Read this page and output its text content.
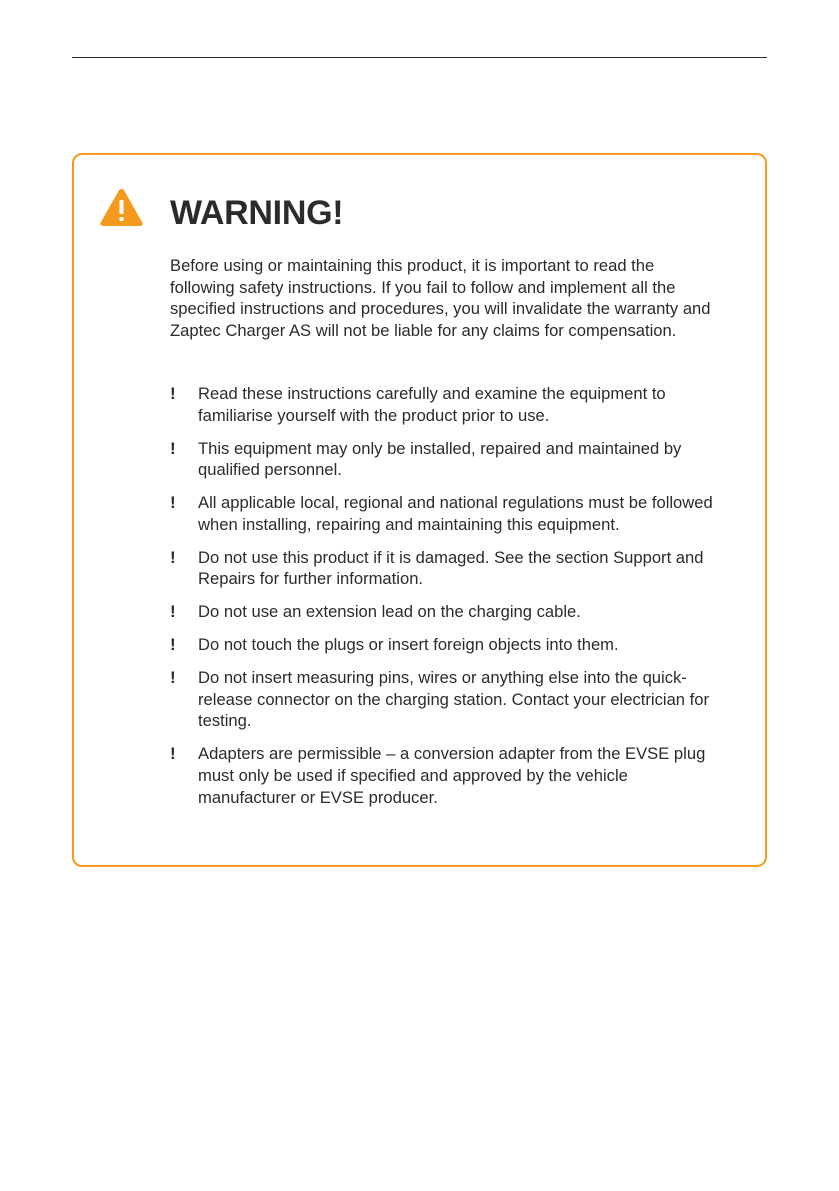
WARNING!

Before using or maintaining this product, it is important to read the following safety instructions. If you fail to follow and implement all the specified instructions and procedures, you will invalidate the warranty and Zaptec Charger AS will not be liable for any claims for compensation.

! Read these instructions carefully and examine the equipment to familiarise yourself with the product prior to use.
! This equipment may only be installed, repaired and maintained by qualified personnel.
! All applicable local, regional and national regulations must be followed when installing, repairing and maintaining this equipment.
! Do not use this product if it is damaged. See the section Support and Repairs for further information.
! Do not use an extension lead on the charging cable.
! Do not touch the plugs or insert foreign objects into them.
! Do not insert measuring pins, wires or anything else into the quick-release connector on the charging station. Contact your electrician for testing.
! Adapters are permissible – a conversion adapter from the EVSE plug must only be used if specified and approved by the vehicle manufacturer or EVSE producer.
